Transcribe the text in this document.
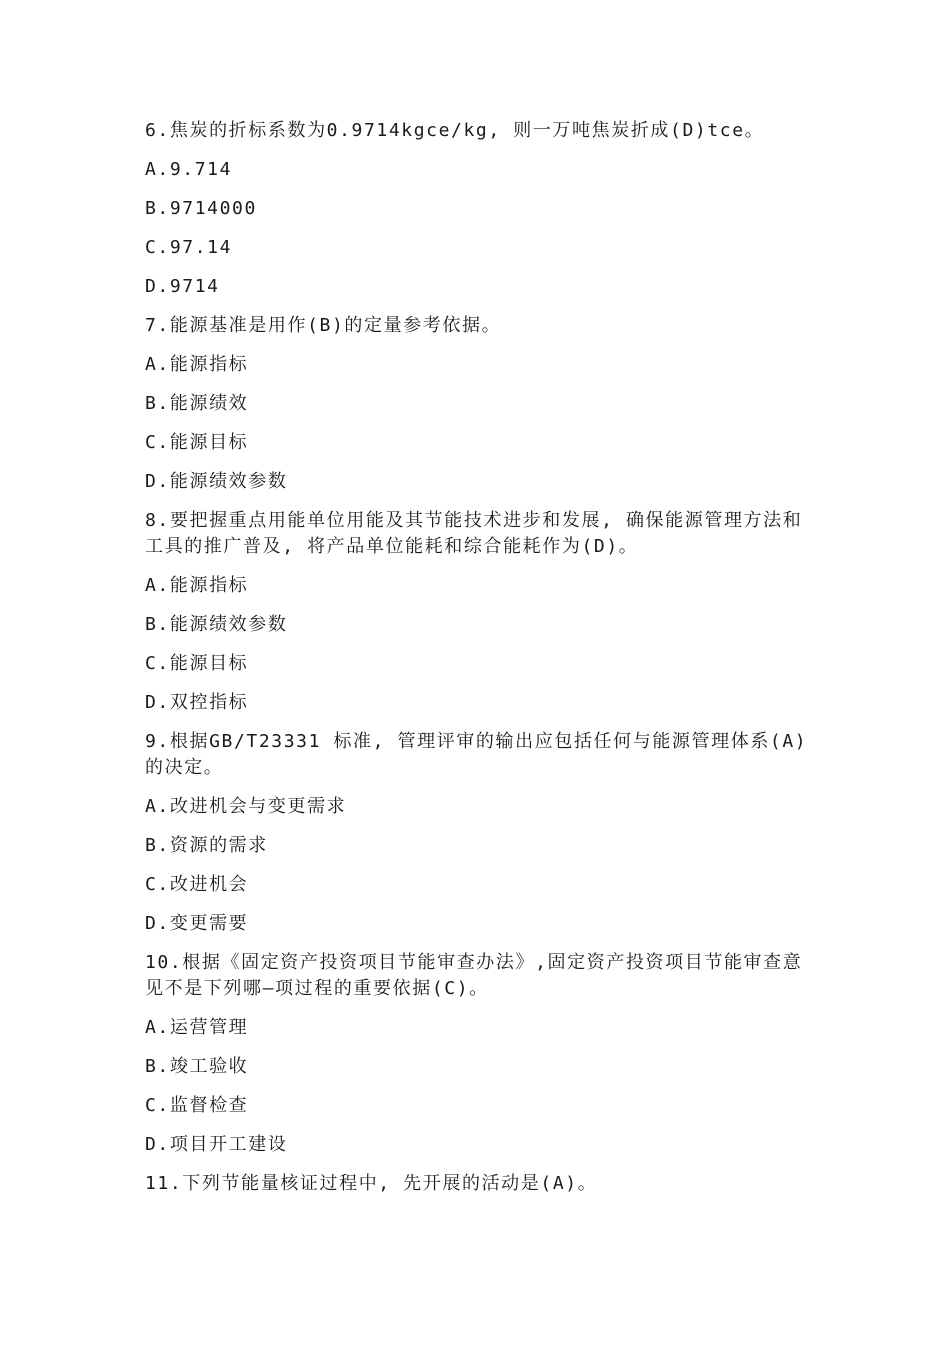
6.焦炭的折标系数为0.9714kgce/kg, 则一万吨焦炭折成(D)tce。

A.9.714

B.9714000

C.97.14

D.9714

7.能源基准是用作(B)的定量参考依据。

A.能源指标

B.能源绩效

C.能源目标

D.能源绩效参数

8.要把握重点用能单位用能及其节能技术进步和发展, 确保能源管理方法和工具的推广普及, 将产品单位能耗和综合能耗作为(D)。

A.能源指标

B.能源绩效参数

C.能源目标

D.双控指标

9.根据GB/T23331 标准, 管理评审的输出应包括任何与能源管理体系(A)的决定。

A.改进机会与变更需求

B.资源的需求

C.改进机会

D.变更需要

10.根据《固定资产投资项目节能审查办法》,固定资产投资项目节能审查意见不是下列哪—项过程的重要依据(C)。

A.运营管理

B.竣工验收

C.监督检查

D.项目开工建设

11.下列节能量核证过程中, 先开展的活动是(A)。
